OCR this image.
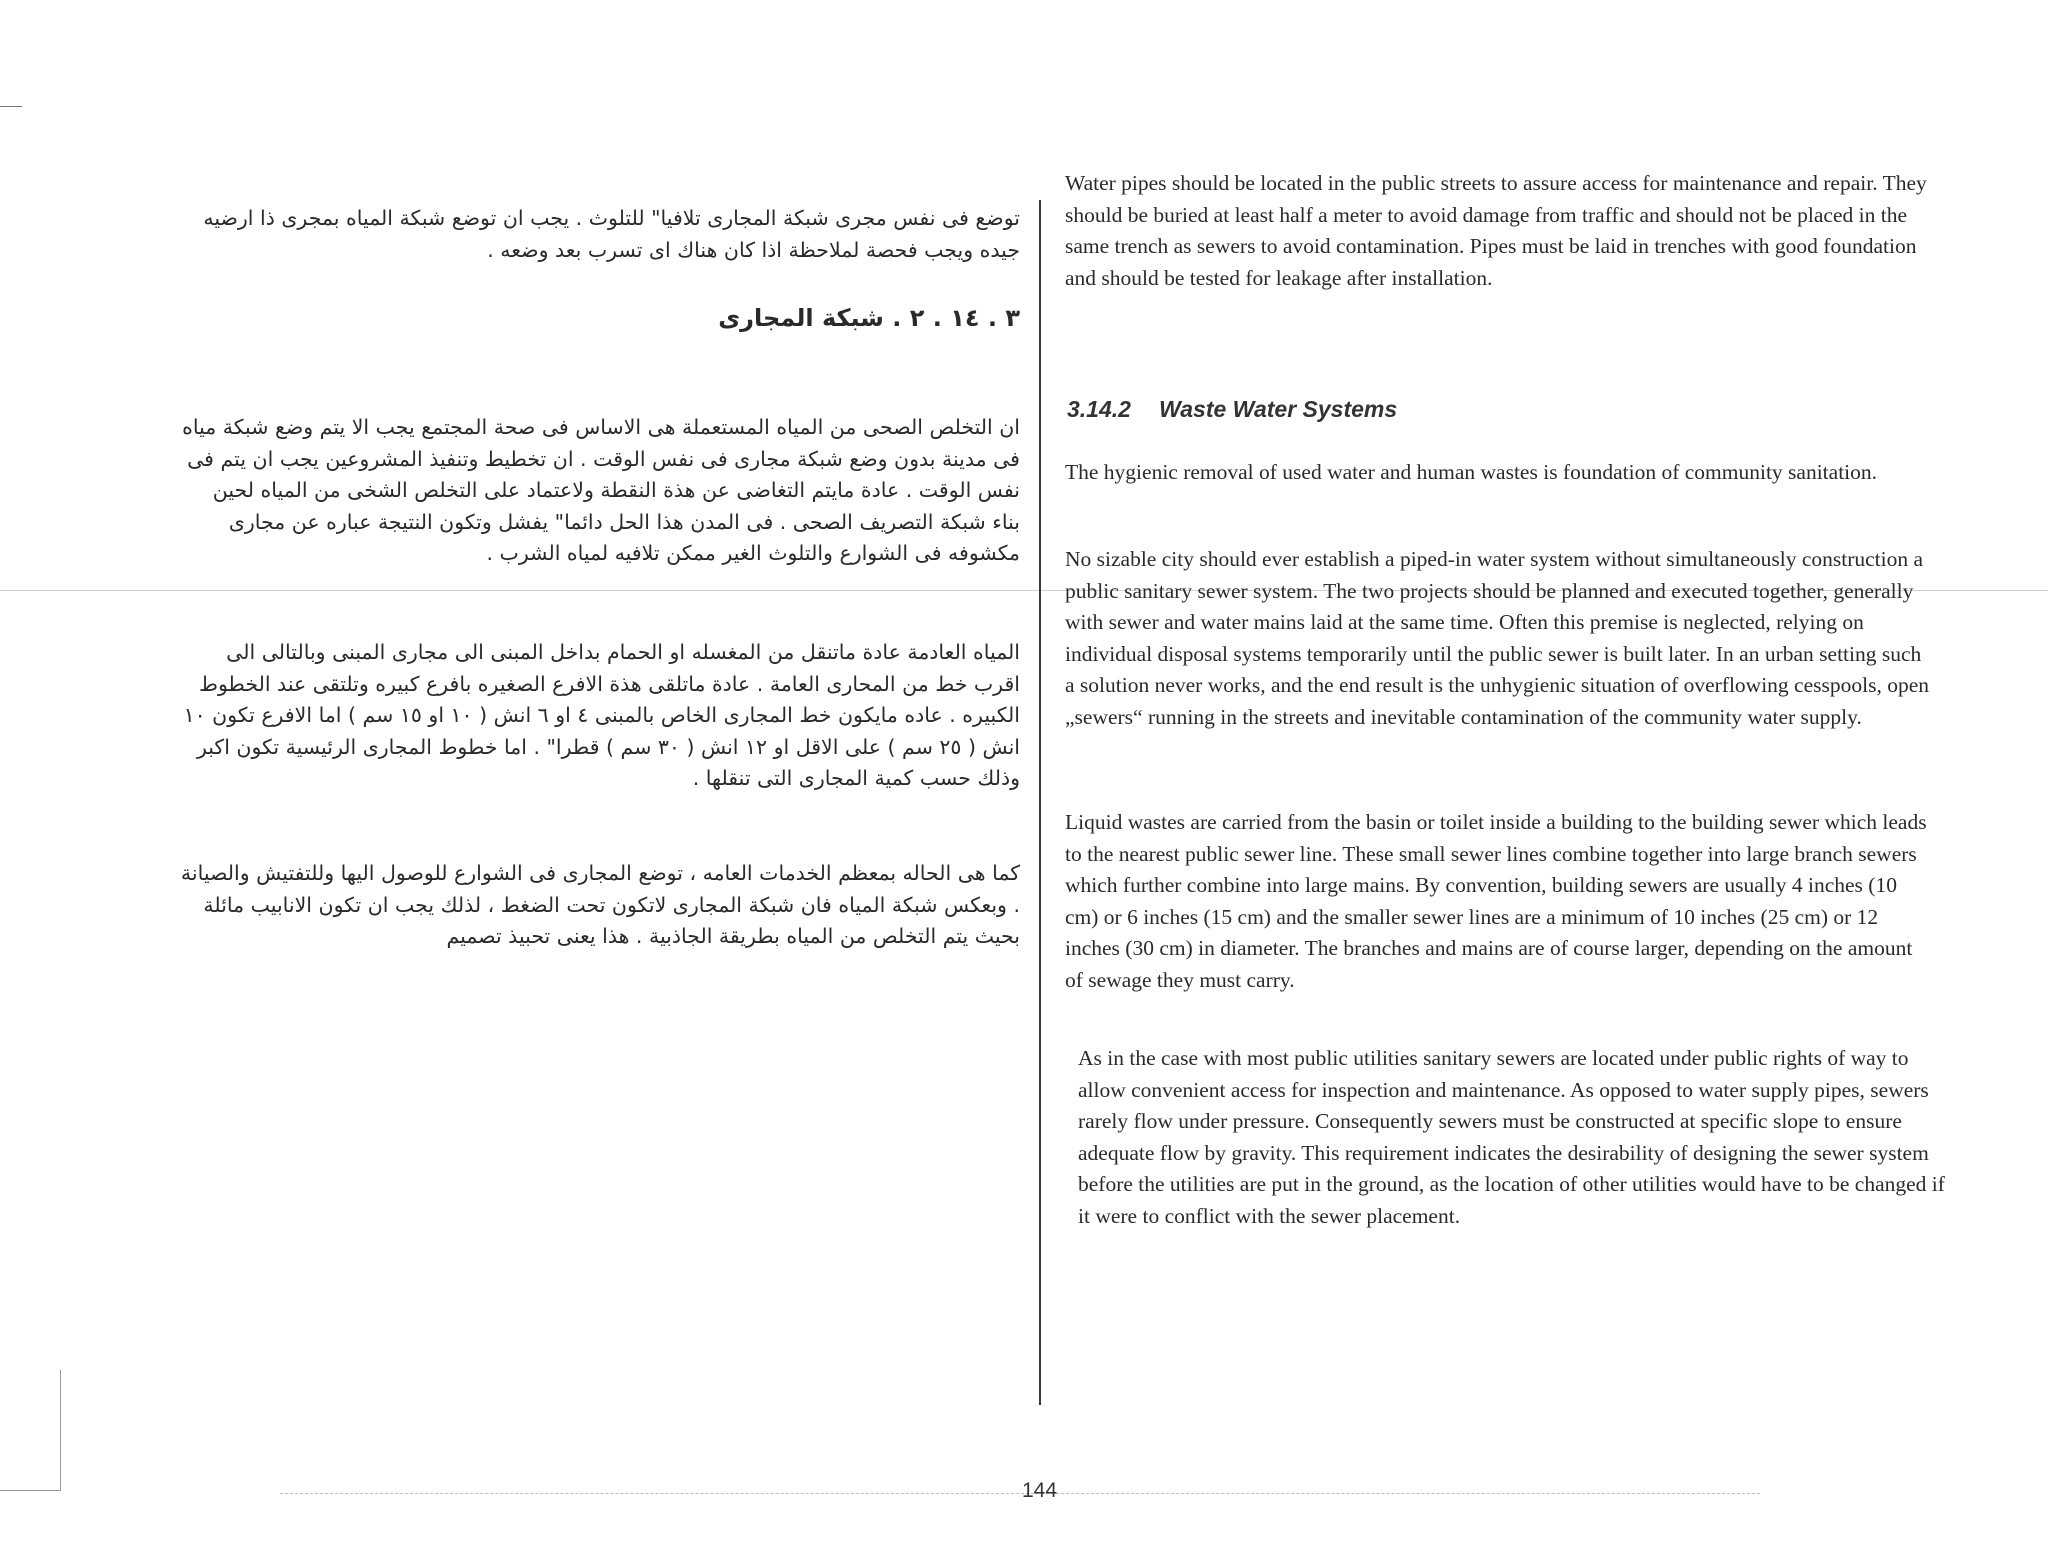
توضع فى نفس مجرى شبكة المجارى تلافيا" للتلوث . يجب ان توضع شبكة المياه بمجرى ذا ارضيه جيده ويجب فحصة لملاحظة اذا كان هناك اى تسرب بعد وضعه .

٣ . ١٤ . ٢ . شبكة المجارى

ان التخلص الصحى من المياه المستعملة هى الاساس فى صحة المجتمع يجب الا يتم وضع شبكة مياه فى مدينة بدون وضع شبكة مجارى فى نفس الوقت . ان تخطيط وتنفيذ المشروعين يجب ان يتم فى نفس الوقت . عادة مايتم التغاضى عن هذة النقطة ولاعتماد على التخلص الشخى من المياه لحين بناء شبكة التصريف الصحى . فى المدن هذا الحل دائما" يفشل وتكون النتيجة عباره عن مجارى مكشوفه فى الشوارع والتلوث الغير ممكن تلافيه لمياه الشرب .

المياه العادمة عادة ماتنقل من المغسله او الحمام بداخل المبنى الى مجارى المبنى وبالتالى الى اقرب خط من المحارى العامة . عادة ماتلقى هذة الافرع الصغيره بافرع كبيره وتلتقى عند الخطوط الكبيره . عاده مايكون خط المجارى الخاص بالمبنى ٤ او ٦ انش ( ١٠ او ١٥ سم ) اما الافرع تكون ١٠ انش ( ٢٥ سم ) على الاقل او ١٢ انش ( ٣٠ سم ) قطرا" . اما خطوط المجارى الرئيسية تكون اكبر وذلك حسب كمية المجارى التى تنقلها .

كما هى الحاله بمعظم الخدمات العامه ، توضع المجارى فى الشوارع للوصول اليها وللتفتيش والصيانة . وبعكس شبكة المياه فان شبكة المجارى لاتكون تحت الضغط ، لذلك يجب ان تكون الانابيب مائلة بحيث يتم التخلص من المياه بطريقة الجاذبية . هذا يعنى تحبيذ تصميم

Water pipes should be located in the public streets to assure access for maintenance and repair. They should be buried at least half a meter to avoid damage from traffic and should not be placed in the same trench as sewers to avoid contamination. Pipes must be laid in trenches with good foundation and should be tested for leakage after installation.

3.14.2 Waste Water Systems

The hygienic removal of used water and human wastes is foundation of community sanitation.

No sizable city should ever establish a piped-in water system without simultaneously construction a public sanitary sewer system. The two projects should be planned and executed together, generally with sewer and water mains laid at the same time. Often this premise is neglected, relying on individual disposal systems temporarily until the public sewer is built later. In an urban setting such a solution never works, and the end result is the unhygienic situation of overflowing cesspools, open „sewers“ running in the streets and inevitable contamination of the community water supply.

Liquid wastes are carried from the basin or toilet inside a building to the building sewer which leads to the nearest public sewer line. These small sewer lines combine together into large branch sewers which further combine into large mains. By convention, building sewers are usually 4 inches (10 cm) or 6 inches (15 cm) and the smaller sewer lines are a minimum of 10 inches (25 cm) or 12 inches (30 cm) in diameter. The branches and mains are of course larger, depending on the amount of sewage they must carry.

As in the case with most public utilities sanitary sewers are located under public rights of way to allow convenient access for inspection and maintenance. As opposed to water supply pipes, sewers rarely flow under pressure. Consequently sewers must be constructed at specific slope to ensure adequate flow by gravity. This requirement indicates the desirability of designing the sewer system before the utilities are put in the ground, as the location of other utilities would have to be changed if it were to conflict with the sewer placement.

144
